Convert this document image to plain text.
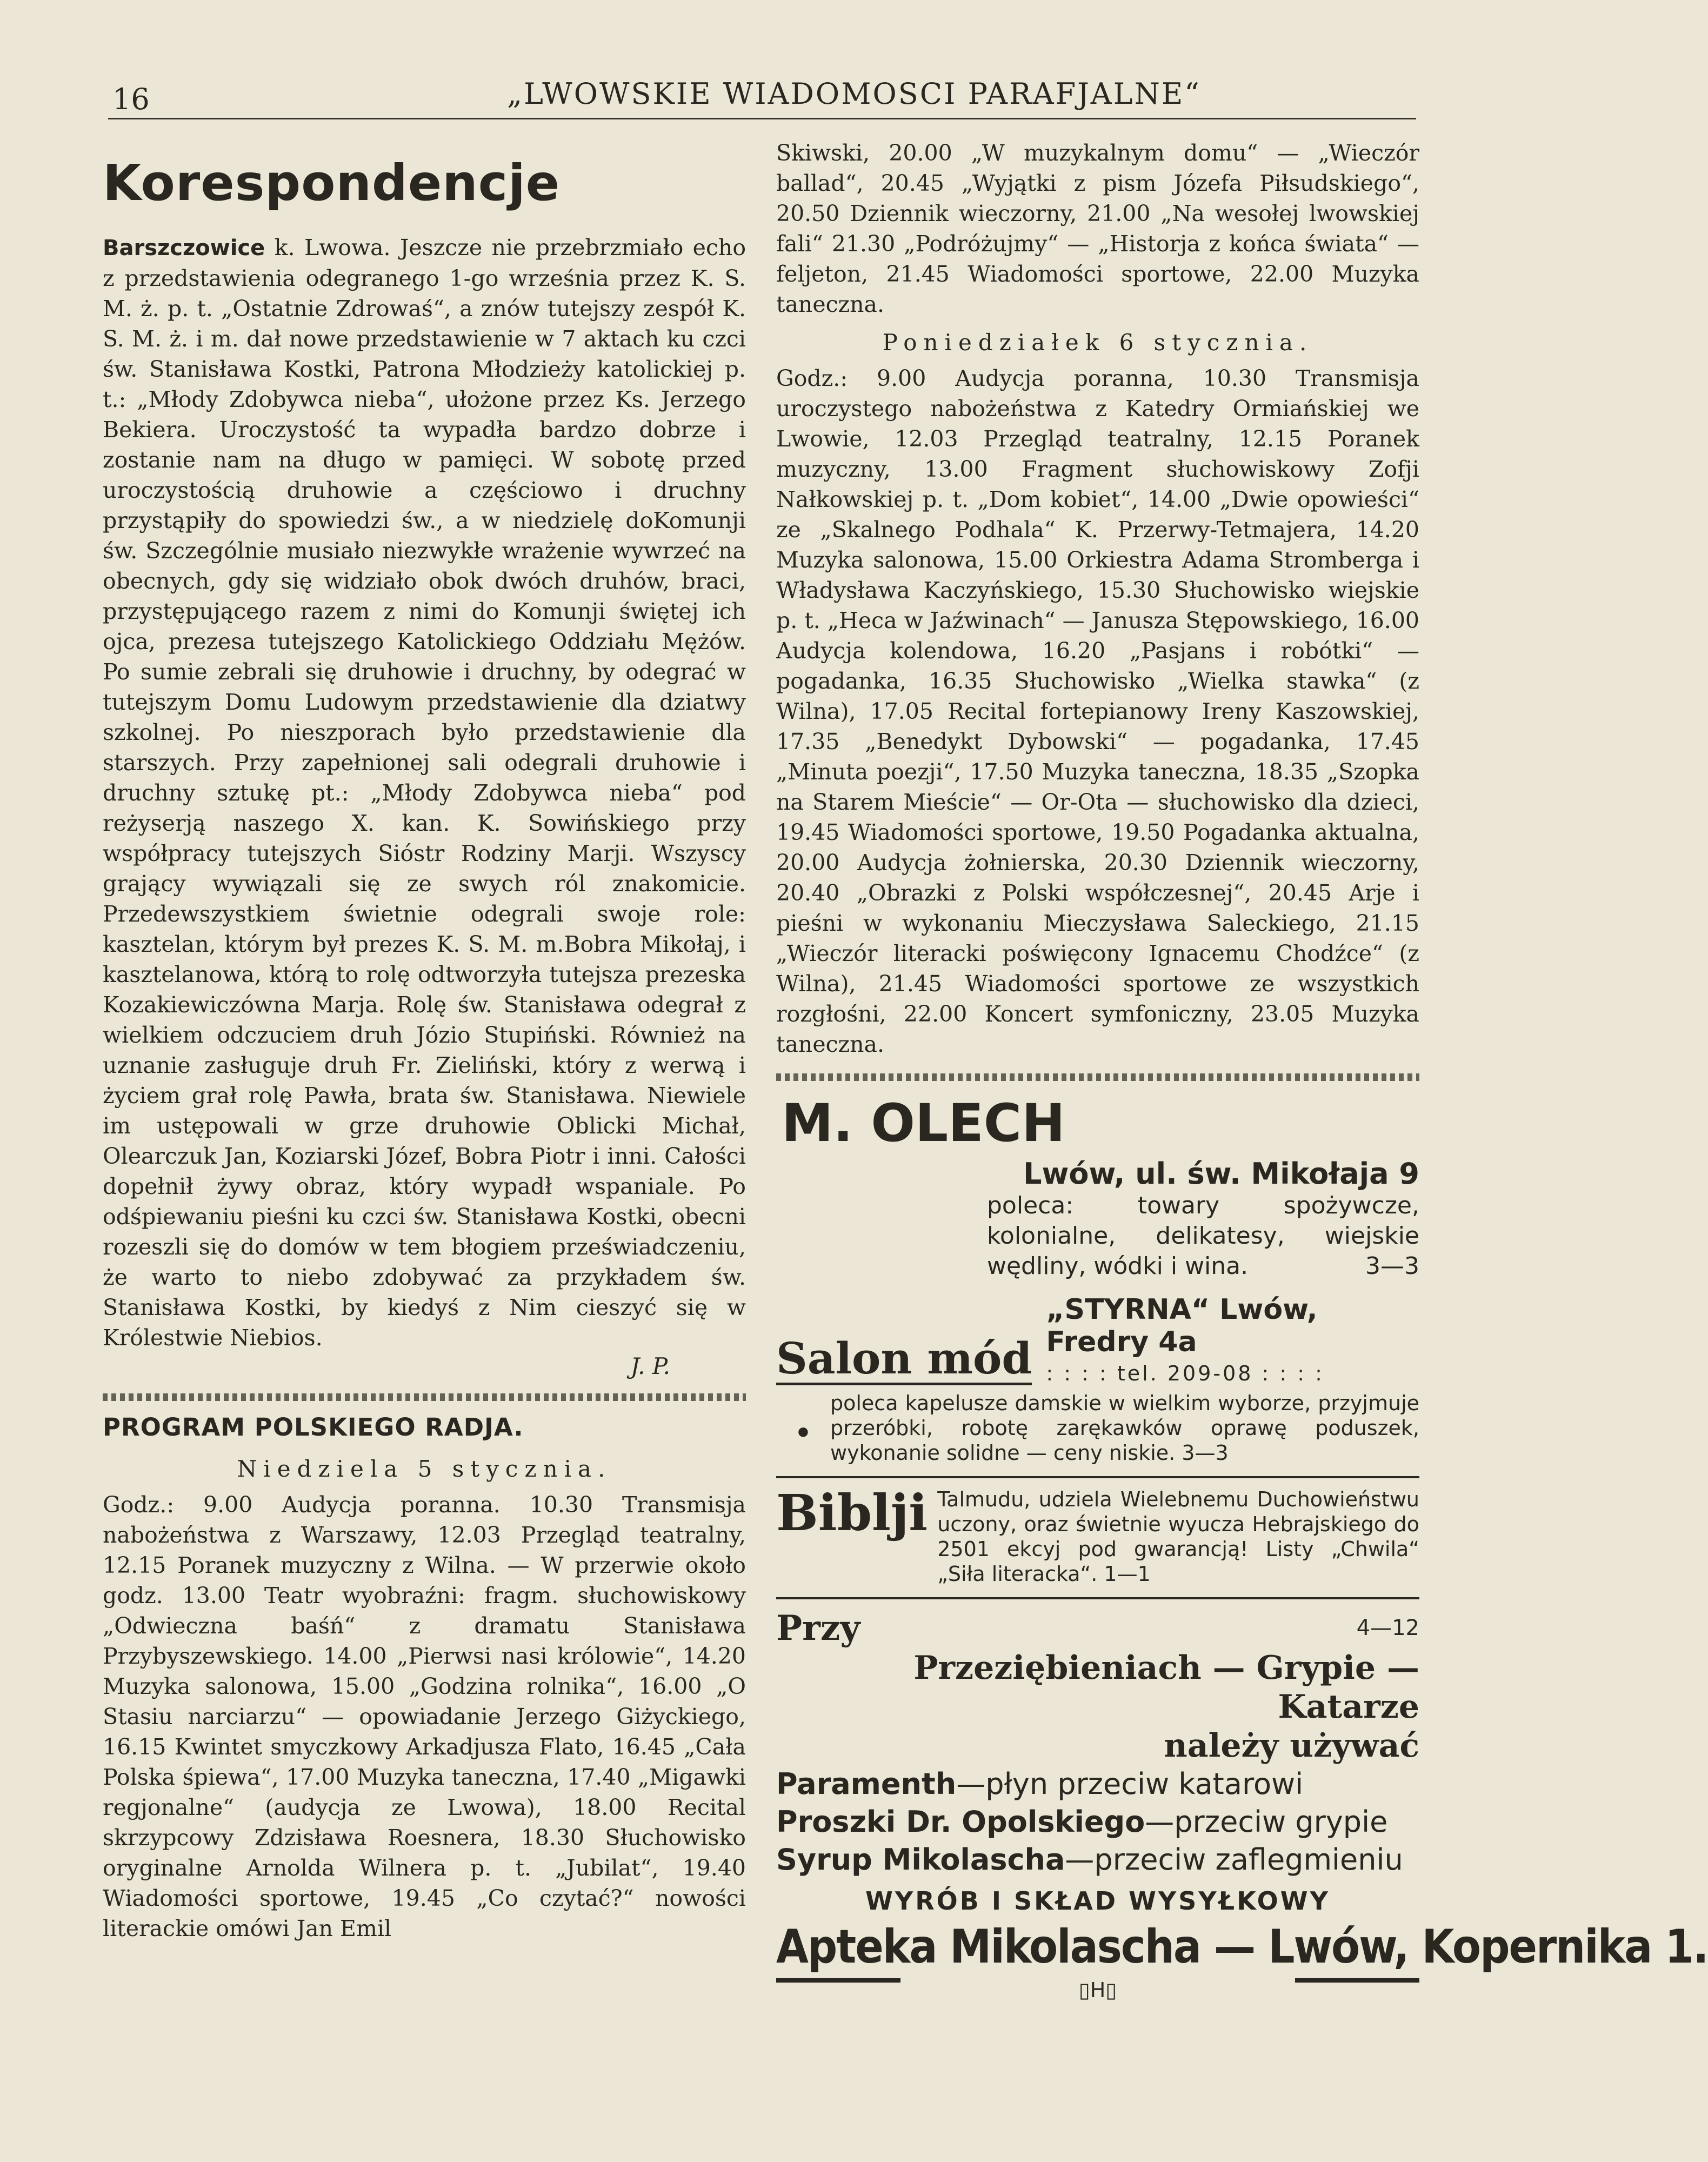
16	„LWOWSKIE WIADOMOSCI PARAFJALNE“
Korespondencje

Barszczowice k. Lwowa. Jeszcze nie przebrzmiało echo z przedstawienia odegranego 1-go września przez K. S. M. ż. p. t. „Ostatnie Zdrowaś“, a znów tutejszy zespół K. S. M. ż. i m. dał nowe przedstawienie w 7 aktach ku czci św. Stanisława Kostki, Patrona Młodzieży katolickiej p. t.: „Młody Zdobywca nieba“, ułożone przez Ks. Jerzego Bekiera. Uroczystość ta wypadła bardzo dobrze i zostanie nam na długo w pamięci. W sobotę przed uroczystością druhowie a częściowo i druchny przystąpiły do spowiedzi św., a w niedzielę doKomunji św. Szczególnie musiało niezwykłe wrażenie wywrzeć na obecnych, gdy się widziało obok dwóch druhów, braci, przystępującego razem z nimi do Komunji świętej ich ojca, prezesa tutejszego Katolickiego Oddziału Mężów. Po sumie zebrali się druhowie i druchny, by odegrać w tutejszym Domu Ludowym przedstawienie dla dziatwy szkolnej. Po nieszporach było przedstawienie dla starszych. Przy zapełnionej sali odegrali druhowie i druchny sztukę pt.: „Młody Zdobywca nieba“ pod reżyserją naszego X. kan. K. Sowińskiego przy współpracy tutejszych Sióstr Rodziny Marji. Wszyscy grający wywiązali się ze swych ról znakomicie. Przedewszystkiem świetnie odegrali swoje role: kasztelan, którym był prezes K. S. M. m.Bobra Mikołaj, i kasztelanowa, którą to rolę odtworzyła tutejsza prezeska Kozakiewiczówna Marja. Rolę św. Stanisława odegrał z wielkiem odczuciem druh Józio Stupiński. Również na uznanie zasługuje druh Fr. Zieliński, który z werwą i życiem grał rolę Pawła, brata św. Stanisława. Niewiele im ustępowali w grze druhowie Oblicki Michał, Olearczuk Jan, Koziarski Józef, Bobra Piotr i inni. Całości dopełnił żywy obraz, który wypadł wspaniale. Po odśpiewaniu pieśni ku czci św. Stanisława Kostki, obecni rozeszli się do domów w tem błogiem przeświadczeniu, że warto to niebo zdobywać za przykładem św. Stanisława Kostki, by kiedyś z Nim cieszyć się w Królestwie Niebios.

J. P.
PROGRAM POLSKIEGO RADJA.
Niedziela 5 stycznia.

Godz.: 9.00 Audycja poranna. 10.30 Transmisja nabożeństwa z Warszawy, 12.03 Przegląd teatralny, 12.15 Poranek muzyczny z Wilna. — W przerwie około godz. 13.00 Teatr wyobraźni: fragm. słuchowiskowy „Odwieczna baśń“ z dramatu Stanisława Przybyszewskiego. 14.00 „Pierwsi nasi królowie“, 14.20 Muzyka salonowa, 15.00 „Godzina rolnika“, 16.00 „O Stasiu narciarzu“ — opowiadanie Jerzego Giżyckiego, 16.15 Kwintet smyczkowy Arkadjusza Flato, 16.45 „Cała Polska śpiewa“, 17.00 Muzyka taneczna, 17.40 „Migawki regjonalne“ (audycja ze Lwowa), 18.00 Recital skrzypcowy Zdzisława Roesnera, 18.30 Słuchowisko oryginalne Arnolda Wilnera p. t. „Jubilat“, 19.40 Wiadomości sportowe, 19.45 „Co czytać?“ nowości literackie omówi Jan Emil

Skiwski, 20.00 „W muzykalnym domu“ — „Wieczór ballad“, 20.45 „Wyjątki z pism Józefa Piłsudskiego“, 20.50 Dziennik wieczorny, 21.00 „Na wesołej lwowskiej fali“ 21.30 „Podróżujmy“ — „Historja z końca świata“ — feljeton, 21.45 Wiadomości sportowe, 22.00 Muzyka taneczna.

Poniedziałek 6 stycznia.

Godz.: 9.00 Audycja poranna, 10.30 Transmisja uroczystego nabożeństwa z Katedry Ormiańskiej we Lwowie, 12.03 Przegląd teatralny, 12.15 Poranek muzyczny, 13.00 Fragment słuchowiskowy Zofji Nałkowskiej p. t. „Dom kobiet“, 14.00 „Dwie opowieści“ ze „Skalnego Podhala“ K. Przerwy-Tetmajera, 14.20 Muzyka salonowa, 15.00 Orkiestra Adama Stromberga i Władysława Kaczyńskiego, 15.30 Słuchowisko wiejskie p. t. „Heca w Jaźwinach“ — Janusza Stępowskiego, 16.00 Audycja kolendowa, 16.20 „Pasjans i robótki“ — pogadanka, 16.35 Słuchowisko „Wielka stawka“ (z Wilna), 17.05 Recital fortepianowy Ireny Kaszowskiej, 17.35 „Benedykt Dybowski“ — pogadanka, 17.45 „Minuta poezji“, 17.50 Muzyka taneczna, 18.35 „Szopka na Starem Mieście“ — Or-Ota — słuchowisko dla dzieci, 19.45 Wiadomości sportowe, 19.50 Pogadanka aktualna, 20.00 Audycja żołnierska, 20.30 Dziennik wieczorny, 20.40 „Obrazki z Polski współczesnej“, 20.45 Arje i pieśni w wykonaniu Mieczysława Saleckiego, 21.15 „Wieczór literacki poświęcony Ignacemu Chodźce“ (z Wilna), 21.45 Wiadomości sportowe ze wszystkich rozgłośni, 22.00 Koncert symfoniczny, 23.05 Muzyka taneczna.

M. OLECH
Lwów, ul. św. Mikołaja 9
poleca: towary spożywcze, kolonialne, delikatesy, wiejskie wędliny, wódki i wina.	3—3
Salon mód
„STYRNA“ Lwów, Fredry 4a
: : : : tel. 209-08 : : : :
•
poleca kapelusze damskie w wielkim wyborze, przyjmuje przeróbki, robotę zarękawków oprawę poduszek, wykonanie solidne — ceny niskie. 3—3
Biblji Talmudu, udziela Wielebnemu Duchowieństwu uczony, oraz świetnie wyucza Hebrajskiego do 2501 ekcyj pod gwarancją! Listy „Chwila“ „Siła literacka“. 1—1
Przy	4—12
Przeziębieniach — Grypie — Katarze
należy używać
Paramenth—płyn przeciw katarowi
Proszki Dr. Opolskiego—przeciw grypie
Syrup Mikolascha—przeciw zaflegmieniu
WYRÓB I SKŁAD WYSYŁKOWY
Apteka Mikolascha — Lwów, Kopernika 1.
▯H▯
